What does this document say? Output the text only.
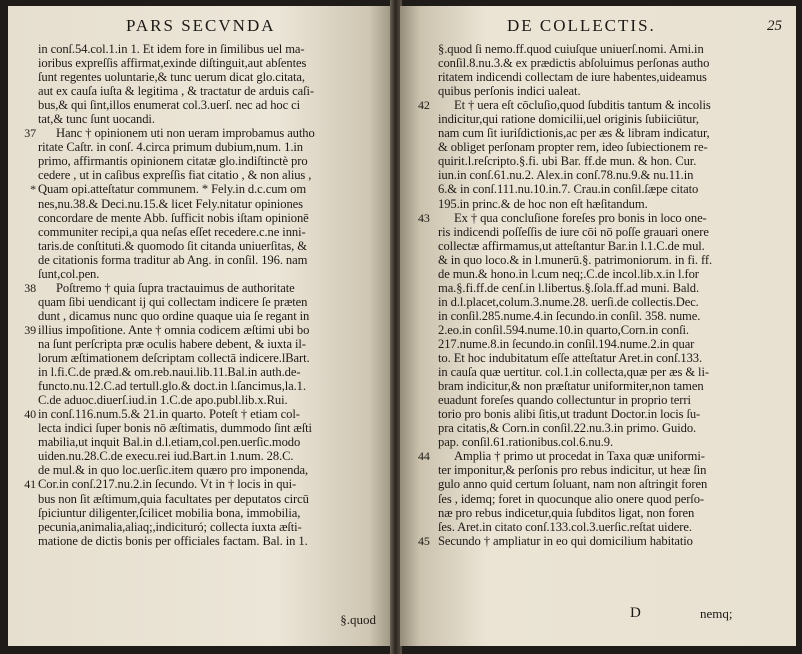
PARS SECVNDA
in conſ.54.col.1.in 1. Et idem fore in ſimilibus uel ma-
ioribus expreſſis affirmat,exinde diſtinguit,aut abſentes
ſunt regentes uoluntarie,& tunc uerum dicat glo.citata,
aut ex cauſa iuſta & legitima , & tractatur de arduis caſi-
bus,& qui ſint,illos enumerat col.3.uerſ. nec ad hoc ci
tat,& tunc ſunt uocandi.
37 Hanc † opinionem uti non ueram improbamus autho
ritate Caſtr. in conſ. 4.circa primum dubium,num. 1.in
primo, affirmantis opinionem citatæ glo.indiſtinctè pro
cedere , ut in caſibus expreſſis fiat citatio , & non alius ,
* Quam opi.atteſtatur communem. * Fely.in d.c.cum om
nes,nu.38.& Deci.nu.15.& licet Fely.nitatur opiniones
concordare de mente Abb. ſufficit nobis iſtam opinionē
communiter recipi,a qua neſas eſſet recedere.c.ne inni-
taris.de conſtituti.& quomodo ſit citanda uniuerſitas, &
de citationis forma traditur ab Ang. in conſil. 196. nam
ſunt,col.pen.
38 Poſtremo † quia ſupra tractauimus de authoritate
quam ſibi uendicant ij qui collectam indicere ſe præten
dunt , dicamus nunc quo ordine quaque uia ſe regant in
39 illius impoſitione. Ante † omnia codicem æſtimi ubi bo
na ſunt perſcripta præ oculis habere debent, & iuxta il-
lorum æſtimationem deſcriptam collectā indicere.lBart.
in l.fi.C.de præd.& om.reb.naui.lib.11.Bal.in auth.de-
functo.nu.12.C.ad tertull.glo.& doct.in l.ſancimus,la.1.
C.de aduoc.diuerſ.iud.in 1.C.de apo.publ.lib.x.Rui.
40 in conſ.116.num.5.& 21.in quarto. Poteſt † etiam col-
lecta indici ſuper bonis nō æſtimatis, dummodo ſint æſti
mabilia,ut inquit Bal.in d.l.etiam,col.pen.uerſic.modo
uiden.nu.28.C.de execu.rei iud.Bart.in 1.num. 28.C.
de mul.& in quo loc.uerſic.item quæro pro imponenda,
41 Cor.in conſ.217.nu.2.in ſecundo. Vt in † locis in qui-
bus non ſit æſtimum,quia facultates per deputatos circū
ſpiciuntur diligenter,ſcilicet mobilia bona, immobilia,
pecunia,animalia,aliaq;,indicituró; collecta iuxta æſti-
matione de dictis bonis per officiales factam. Bal. in 1.
§.quod
DE COLLECTIS.	25
§.quod ſi nemo.ff.quod cuiuſque uniuerſ.nomi. Ami.in
conſil.8.nu.3.& ex prædictis abſoluimus perſonas autho
ritatem indicendi collectam de iure habentes,uideamus
quibus perſonis indici ualeat.
42	Et † uera eſt cōcluſio,quod ſubditis tantum & incolis
indicitur,qui ratione domicilii,uel originis ſubiiciūtur,
nam cum ſit iuriſdictionis,ac per æs & libram indicatur,
& obliget perſonam propter rem, ideo ſubiectionem re-
quirit.l.reſcripto.§.fi. ubi Bar. ff.de mun. & hon. Cur.
iun.in conſ.61.nu.2. Alex.in conſ.78.nu.9.& nu.11.in
6.& in conſ.111.nu.10.in.7. Crau.in conſil.ſæpe citato
195.in princ.& de hoc non eſt hæſitandum.
43	Ex † qua concluſione foreſes pro bonis in loco one-
ris indicendi poſſeſſis de iure cōi nō poſſe grauari onere
collectæ affirmamus,ut atteſtantur Bar.in l.1.C.de mul.
& in quo loco.& in l.munerū.§. patrimoniorum. in fi. ff.
de mun.& hono.in l.cum neq;.C.de incol.lib.x.in l.for
ma.§.fi.ff.de cenſ.in l.libertus.§.ſola.ff.ad muni. Bald.
in d.l.placet,colum.3.nume.28. uerſi.de collectis.Dec.
in conſil.285.nume.4.in ſecundo.in conſil. 358. nume.
2.eo.in conſil.594.nume.10.in quarto,Corn.in conſi.
217.nume.8.in ſecundo.in conſil.194.nume.2.in quar
to. Et hoc indubitatum eſſe atteſtatur Aret.in conſ.133.
in cauſa quæ uertitur. col.1.in collecta,quæ per æs & li-
bram indicitur,& non præſtatur uniformiter,non tamen
euadunt foreſes quando collectuntur in proprio terri
torio pro bonis alibi ſitis,ut tradunt Doctor.in locis ſu-
pra citatis,& Corn.in conſil.22.nu.3.in primo. Guido.
pap. conſil.61.rationibus.col.6.nu.9.
44	Amplia † primo ut procedat in Taxa quæ uniformi-
ter imponitur,& perſonis pro rebus indicitur, ut heæ ſin
gulo anno quid certum ſoluant, nam non aſtringit foren
ſes , idemq; foret in quocunque alio onere quod perſo-
næ pro rebus indicetur,quia ſubditos ligat, non foren
ſes. Aret.in citato conſ.133.col.3.uerſic.reſtat uidere.
45 Secundo † ampliatur in eo qui domicilium habitatio
D	nemq;
